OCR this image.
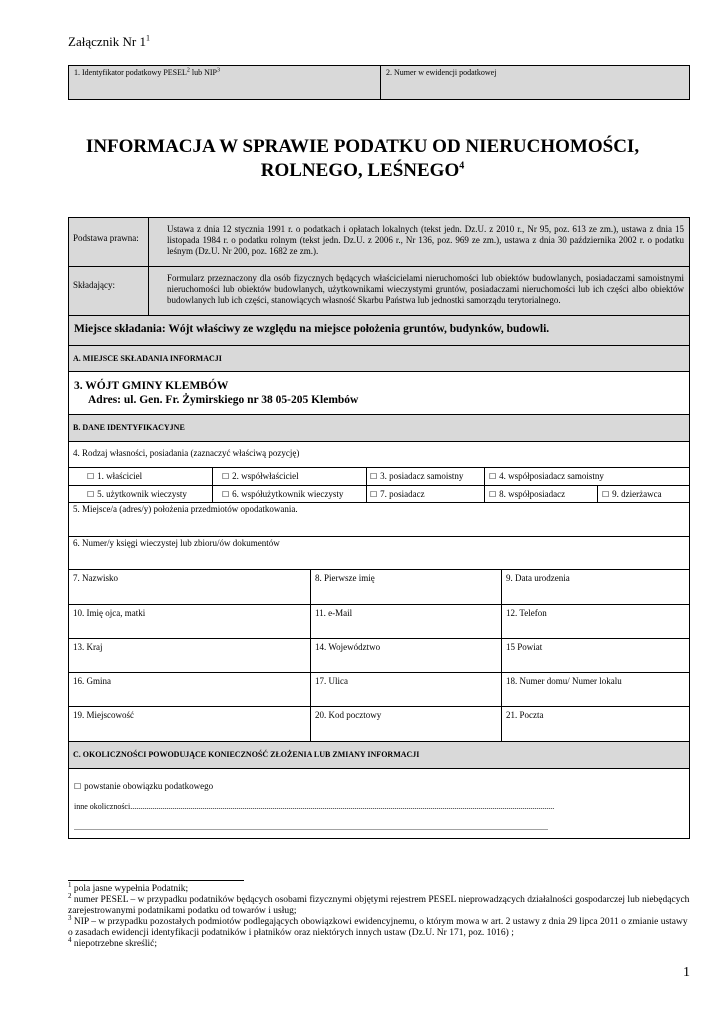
Załącznik Nr $1^1$
1. Identyfikator podatkowy PESEL$^2$ lub NIP$^3$	2. Numer w ewidencji podatkowej
INFORMACJA W SPRAWIE PODATKU OD NIERUCHOMOŚCI,
ROLNEGO, LEŚNEGO$^4$
Podstawa prawna:
Ustawa z dnia 12 stycznia 1991 r. o podatkach i opłatach lokalnych (tekst jedn. Dz.U. z 2010 r., Nr 95, poz. 613 ze zm.), ustawa z dnia 15 listopada 1984 r. o podatku rolnym (tekst jedn. Dz.U. z 2006 r., Nr 136, poz. 969 ze zm.), ustawa z dnia 30 października 2002 r. o podatku leśnym (Dz.U. Nr 200, poz. 1682 ze zm.).
Składający:
Formularz przeznaczony dla osób fizycznych będących właścicielami nieruchomości lub obiektów budowlanych, posiadaczami samoistnymi nieruchomości lub obiektów budowlanych, użytkownikami wieczystymi gruntów, posiadaczami nieruchomości lub ich części albo obiektów budowlanych lub ich części, stanowiących własność Skarbu Państwa lub jednostki samorządu terytorialnego.
Miejsce składania: Wójt właściwy ze względu na miejsce położenia gruntów, budynków, budowli.
A. MIEJSCE SKŁADANIA INFORMACJI
3. WÓJT GMINY KLEMBÓW
Adres: ul. Gen. Fr. Żymirskiego nr 38 05-205 Klembów
B. DANE IDENTYFIKACYJNE
4. Rodzaj własności, posiadania (zaznaczyć właściwą pozycję)
☐ 1. właściciel	☐ 2. współwłaściciel	☐ 3. posiadacz samoistny	☐ 4. współposiadacz samoistny
☐ 5. użytkownik wieczysty	☐ 6. współużytkownik wieczysty	☐ 7. posiadacz	☐ 8. współposiadacz	☐ 9. dzierżawca
5. Miejsce/a (adres/y) położenia przedmiotów opodatkowania.
6. Numer/y księgi wieczystej lub zbioru/ów dokumentów
7. Nazwisko	8. Pierwsze imię	9. Data urodzenia
10. Imię ojca, matki	11. e-Mail	12. Telefon
13. Kraj	14. Województwo	15 Powiat
16. Gmina	17. Ulica	18. Numer domu/ Numer lokalu
19. Miejscowość	20. Kod pocztowy	21. Poczta
C. OKOLICZNOŚCI POWODUJĄCE KONIECZNOŚĆ ZŁOŻENIA LUB ZMIANY INFORMACJI
☐ powstanie obowiązku podatkowego
inne okoliczności....................................................................................................................................................................................................................
.............................................................................................................................................................................................................................................
$^1$ pola jasne wypełnia Podatnik;
$^2$ numer PESEL – w przypadku podatników będących osobami fizycznymi objętymi rejestrem PESEL nieprowadzących działalności gospodarczej lub niebędących zarejestrowanymi podatnikami podatku od towarów i usług;
$^3$ NIP – w przypadku pozostałych podmiotów podlegających obowiązkowi ewidencyjnemu, o którym mowa w art. 2 ustawy z dnia 29 lipca 2011 o zmianie ustawy o zasadach ewidencji identyfikacji podatników i płatników oraz niektórych innych ustaw (Dz.U. Nr 171, poz. 1016) ;
$^4$ niepotrzebne skreślić;
1
